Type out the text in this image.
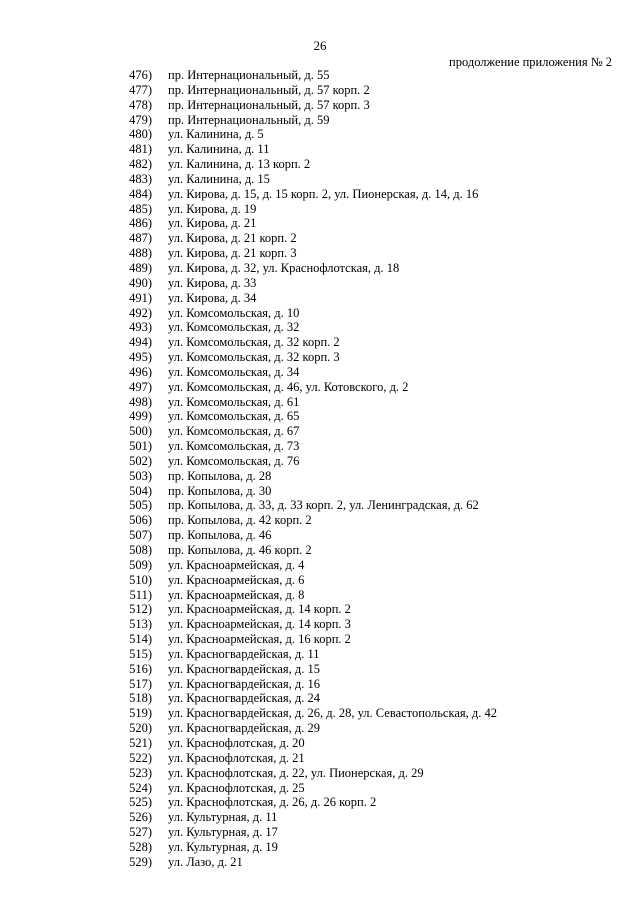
26
продолжение приложения № 2
476) пр. Интернациональный, д. 55
477) пр. Интернациональный, д. 57 корп. 2
478) пр. Интернациональный, д. 57 корп. 3
479) пр. Интернациональный, д. 59
480) ул. Калинина, д. 5
481) ул. Калинина, д. 11
482) ул. Калинина, д. 13 корп. 2
483) ул. Калинина, д. 15
484) ул. Кирова, д. 15, д. 15 корп. 2, ул. Пионерская, д. 14, д. 16
485) ул. Кирова, д. 19
486) ул. Кирова, д. 21
487) ул. Кирова, д. 21 корп. 2
488) ул. Кирова, д. 21 корп. 3
489) ул. Кирова, д. 32, ул. Краснофлотская, д. 18
490) ул. Кирова, д. 33
491) ул. Кирова, д. 34
492) ул. Комсомольская, д. 10
493) ул. Комсомольская, д. 32
494) ул. Комсомольская, д. 32 корп. 2
495) ул. Комсомольская, д. 32 корп. 3
496) ул. Комсомольская, д. 34
497) ул. Комсомольская, д. 46, ул. Котовского, д. 2
498) ул. Комсомольская, д. 61
499) ул. Комсомольская, д. 65
500) ул. Комсомольская, д. 67
501) ул. Комсомольская, д. 73
502) ул. Комсомольская, д. 76
503) пр. Копылова, д. 28
504) пр. Копылова, д. 30
505) пр. Копылова, д. 33, д. 33 корп. 2, ул. Ленинградская, д. 62
506) пр. Копылова, д. 42 корп. 2
507) пр. Копылова, д. 46
508) пр. Копылова, д. 46 корп. 2
509) ул. Красноармейская, д. 4
510) ул. Красноармейская, д. 6
511) ул. Красноармейская, д. 8
512) ул. Красноармейская, д. 14 корп. 2
513) ул. Красноармейская, д. 14 корп. 3
514) ул. Красноармейская, д. 16 корп. 2
515) ул. Красногвардейская, д. 11
516) ул. Красногвардейская, д. 15
517) ул. Красногвардейская, д. 16
518) ул. Красногвардейская, д. 24
519) ул. Красногвардейская, д. 26, д. 28, ул. Севастопольская, д. 42
520) ул. Красногвардейская, д. 29
521) ул. Краснофлотская, д. 20
522) ул. Краснофлотская, д. 21
523) ул. Краснофлотская, д. 22, ул. Пионерская, д. 29
524) ул. Краснофлотская, д. 25
525) ул. Краснофлотская, д. 26, д. 26 корп. 2
526) ул. Культурная, д. 11
527) ул. Культурная, д. 17
528) ул. Культурная, д. 19
529) ул. Лазо, д. 21
